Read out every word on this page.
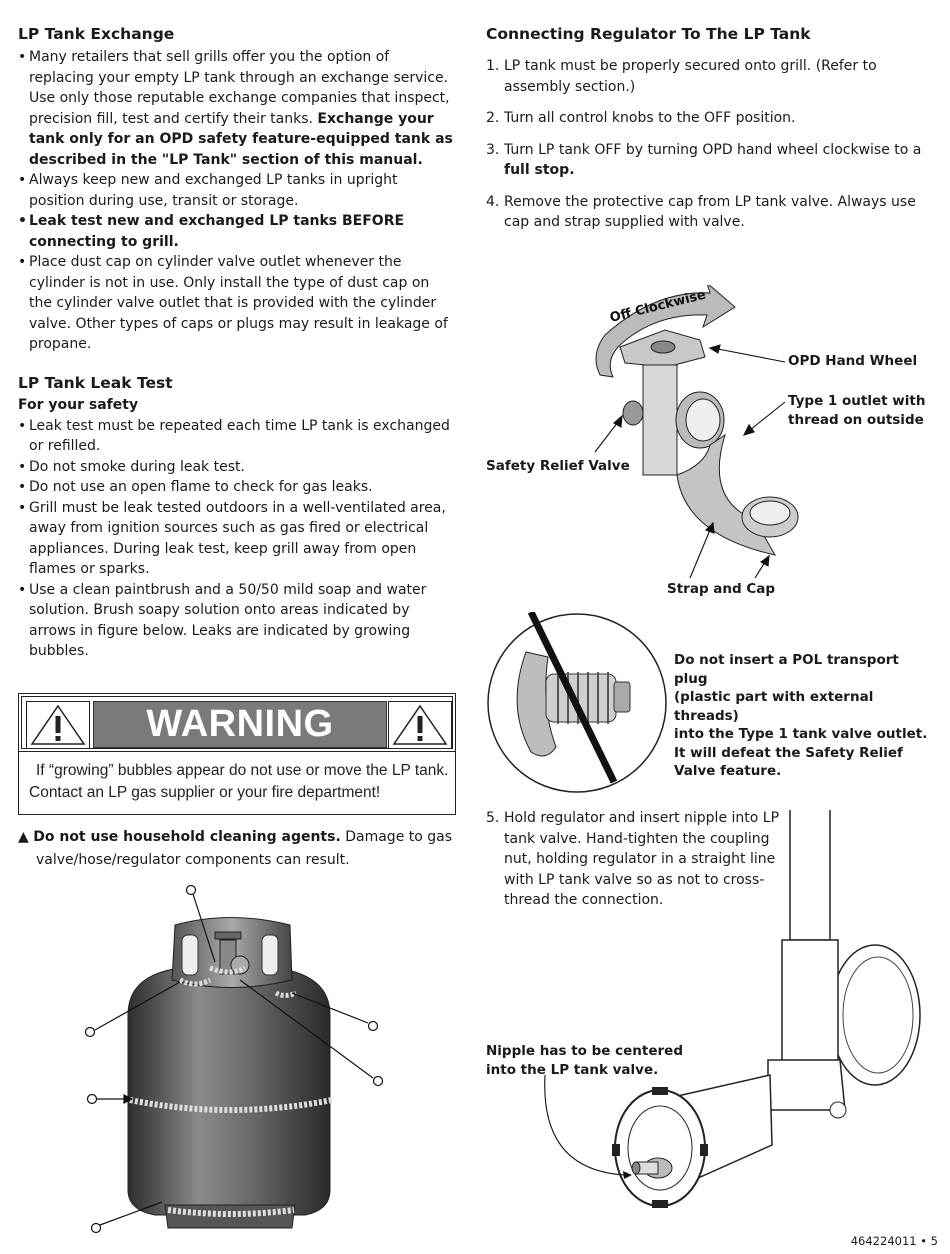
LP Tank Exchange
• Many retailers that sell grills offer you the option of replacing your empty LP tank through an exchange service. Use only those reputable exchange companies that inspect, precision fill, test and certify their tanks. Exchange your tank only for an OPD safety feature-equipped tank as described in the "LP Tank" section of this manual.
• Always keep new and exchanged LP tanks in upright position during use, transit or storage.
• Leak test new and exchanged LP tanks BEFORE connecting to grill.
• Place dust cap on cylinder valve outlet whenever the cylinder is not in use. Only install the type of dust cap on the cylinder valve outlet that is provided with the cylinder valve. Other types of caps or plugs may result in leakage of propane.
LP Tank Leak Test
For your safety
• Leak test must be repeated each time LP tank is exchanged or refilled.
• Do not smoke during leak test.
• Do not use an open flame to check for gas leaks.
• Grill must be leak tested outdoors in a well-ventilated area, away from ignition sources such as gas fired or electrical appliances. During leak test, keep grill away from open flames or sparks.
• Use a clean paintbrush and a 50/50 mild soap and water solution. Brush soapy solution onto areas indicated by arrows in figure below. Leaks are indicated by growing bubbles.
WARNING
If “growing” bubbles appear do not use or move the LP tank.
Contact an LP gas supplier or your fire department!
▲ Do not use household cleaning agents. Damage to gas
valve/hose/regulator components can result.
Connecting Regulator To The LP Tank
1. LP tank must be properly secured onto grill. (Refer to assembly section.)
2. Turn all control knobs to the OFF position.
3. Turn LP tank OFF by turning OPD hand wheel clockwise to a full stop.
4. Remove the protective cap from LP tank valve. Always use cap and strap supplied with valve.
Off Clockwise
OPD Hand Wheel
Type 1 outlet with
thread on outside
Safety Relief Valve
Strap and Cap
Do not insert a POL transport plug
(plastic part with external threads)
into the Type 1 tank valve outlet.
It will defeat the Safety Relief
Valve feature.
5. Hold regulator and insert nipple into LP
tank valve. Hand-tighten the coupling
nut, holding regulator in a straight line
with LP tank valve so as not to cross-
thread the connection.
Nipple has to be centered
into the LP tank valve.
464224011 • 5
